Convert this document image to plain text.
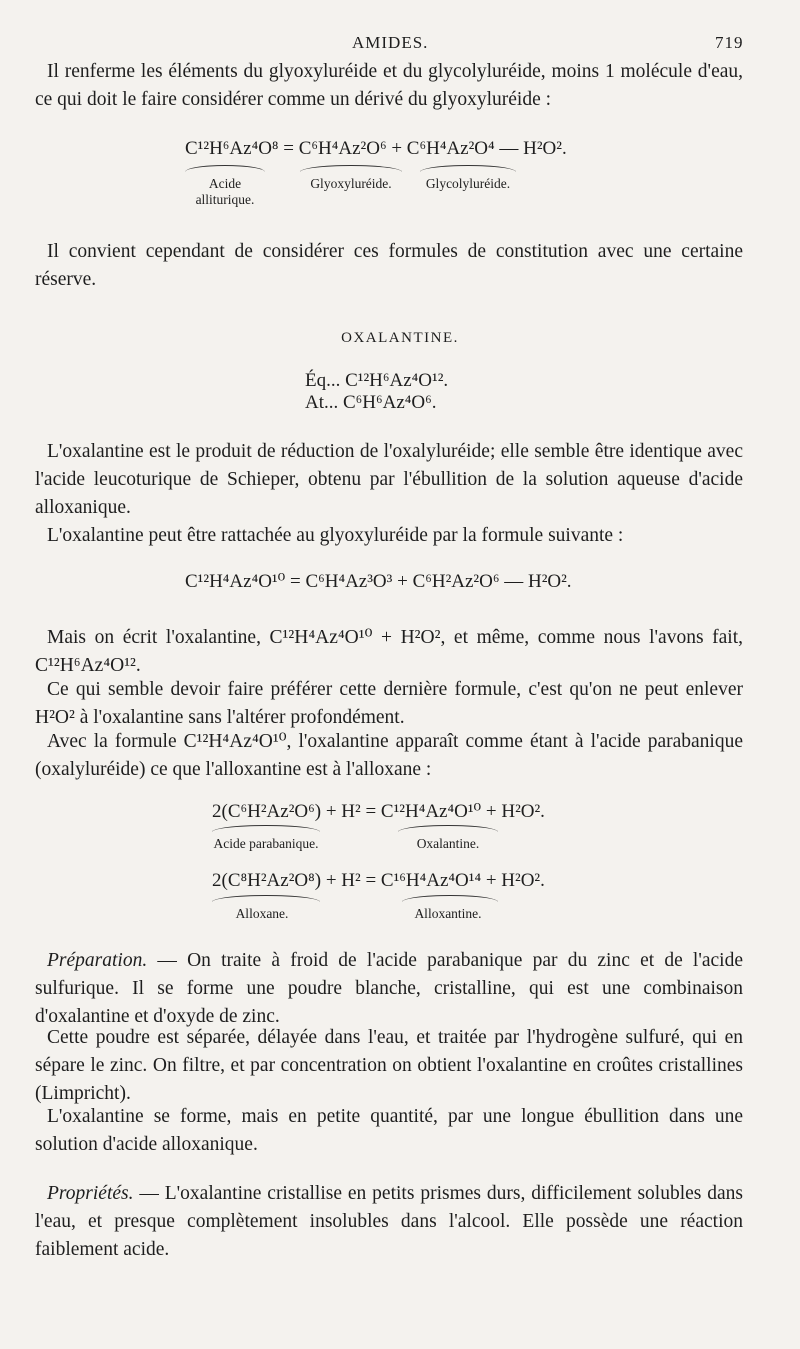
AMIDES.	719
Il renferme les éléments du glyoxyluréide et du glycolyluréide, moins 1 molécule d'eau, ce qui doit le faire considérer comme un dérivé du glyoxyluréide :
C¹²H⁶Az⁴O⁸ = C⁶H⁴Az²O⁶ + C⁶H⁴Az²O⁴ — H²O².
Acide
alliturique.
Glyoxyluréide.	Glycolyluréide.
Il convient cependant de considérer ces formules de constitution avec une certaine réserve.
OXALANTINE.
Éq... C¹²H⁶Az⁴O¹².
At... C⁶H⁶Az⁴O⁶.
L'oxalantine est le produit de réduction de l'oxalyluréide; elle semble être identique avec l'acide leucoturique de Schieper, obtenu par l'ébullition de la solution aqueuse d'acide alloxanique.
L'oxalantine peut être rattachée au glyoxyluréide par la formule suivante :
C¹²H⁴Az⁴O¹⁰ = C⁶H⁴Az³O³ + C⁶H²Az²O⁶ — H²O².
Mais on écrit l'oxalantine, C¹²H⁴Az⁴O¹⁰ + H²O², et même, comme nous l'avons fait, C¹²H⁶Az⁴O¹².
Ce qui semble devoir faire préférer cette dernière formule, c'est qu'on ne peut enlever H²O² à l'oxalantine sans l'altérer profondément.
Avec la formule C¹²H⁴Az⁴O¹⁰, l'oxalantine apparaît comme étant à l'acide parabanique (oxalyluréide) ce que l'alloxantine est à l'alloxane :
2(C⁶H²Az²O⁶) + H² = C¹²H⁴Az⁴O¹⁰ + H²O².
Acide parabanique.	Oxalantine.
2(C⁸H²Az²O⁸) + H² = C¹⁶H⁴Az⁴O¹⁴ + H²O².
Alloxane.	Alloxantine.
Préparation. — On traite à froid de l'acide parabanique par du zinc et de l'acide sulfurique. Il se forme une poudre blanche, cristalline, qui est une combinaison d'oxalantine et d'oxyde de zinc.
Cette poudre est séparée, délayée dans l'eau, et traitée par l'hydrogène sulfuré, qui en sépare le zinc. On filtre, et par concentration on obtient l'oxalantine en croûtes cristallines (Limpricht).
L'oxalantine se forme, mais en petite quantité, par une longue ébullition dans une solution d'acide alloxanique.
Propriétés. — L'oxalantine cristallise en petits prismes durs, difficilement solubles dans l'eau, et presque complètement insolubles dans l'alcool. Elle possède une réaction faiblement acide.
